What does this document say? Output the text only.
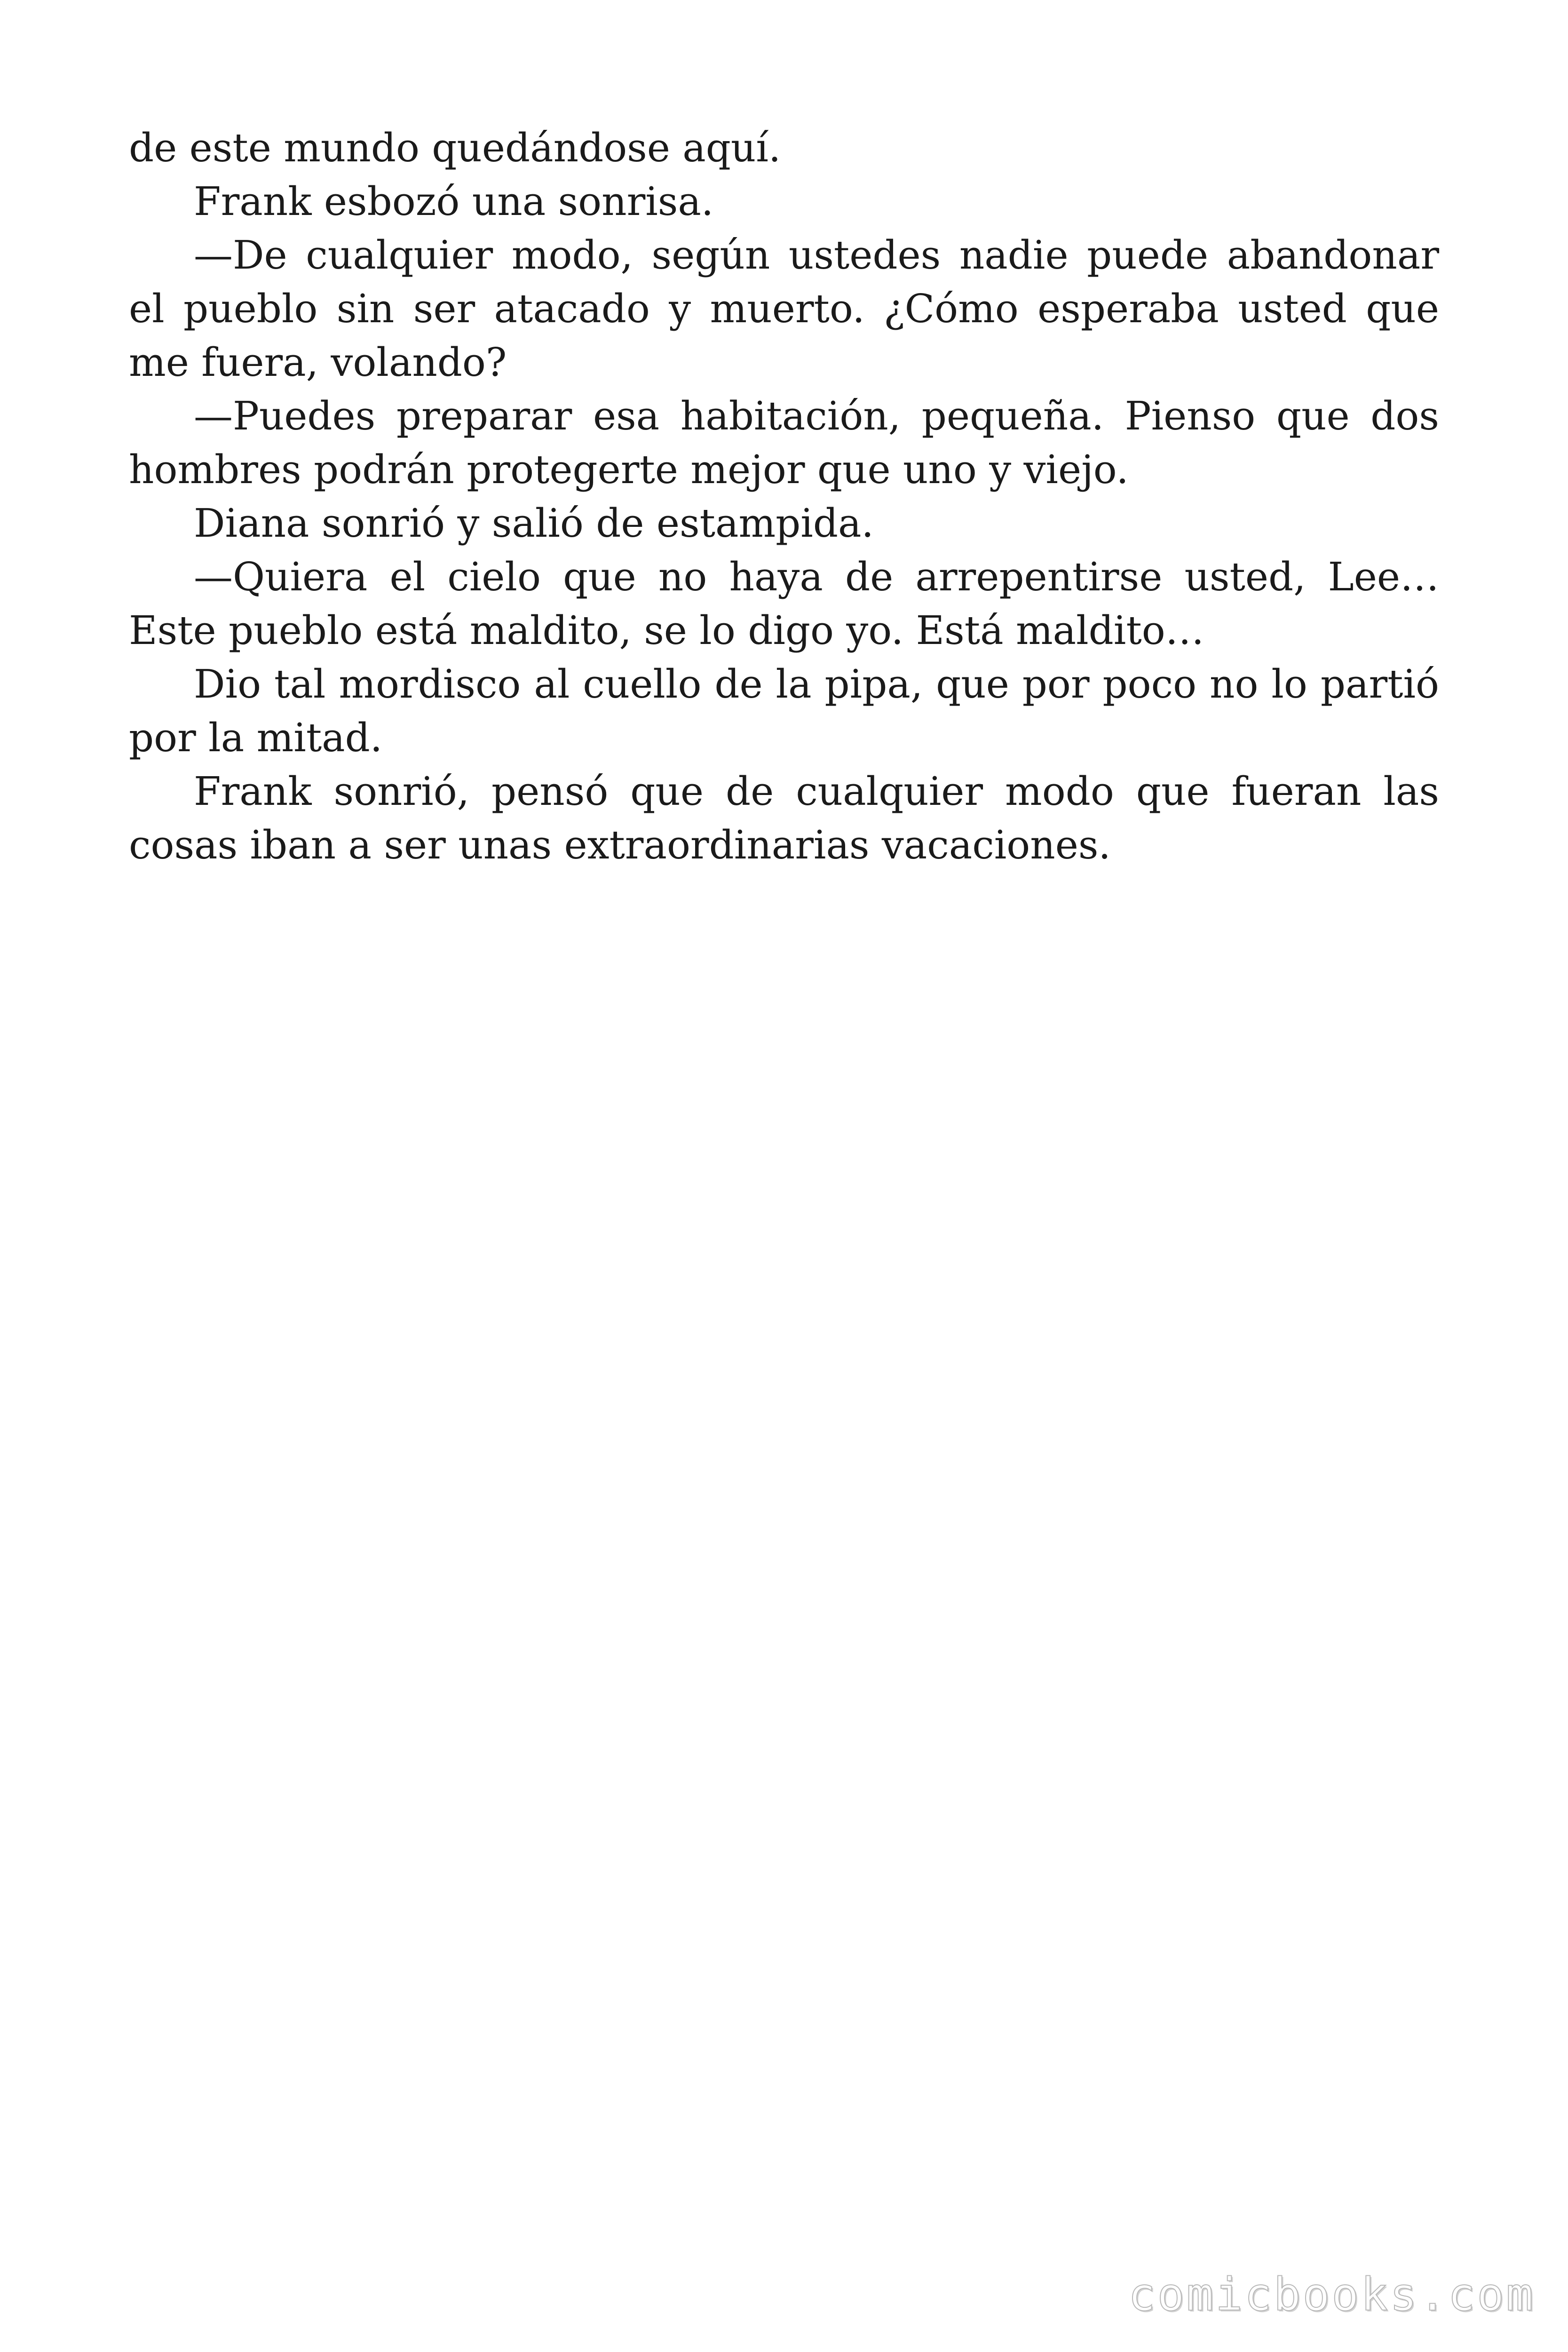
de este mundo quedándose aquí.

Frank esbozó una sonrisa.

—De cualquier modo, según ustedes nadie puede abandonar el pueblo sin ser atacado y muerto. ¿Cómo esperaba usted que me fuera, volando?

—Puedes preparar esa habitación, pequeña. Pienso que dos hombres podrán protegerte mejor que uno y viejo.

Diana sonrió y salió de estampida.

—Quiera el cielo que no haya de arrepentirse usted, Lee… Este pueblo está maldito, se lo digo yo. Está maldito…

Dio tal mordisco al cuello de la pipa, que por poco no lo partió por la mitad.

Frank sonrió, pensó que de cualquier modo que fueran las cosas iban a ser unas extraordinarias vacaciones.

comicbooks.com
